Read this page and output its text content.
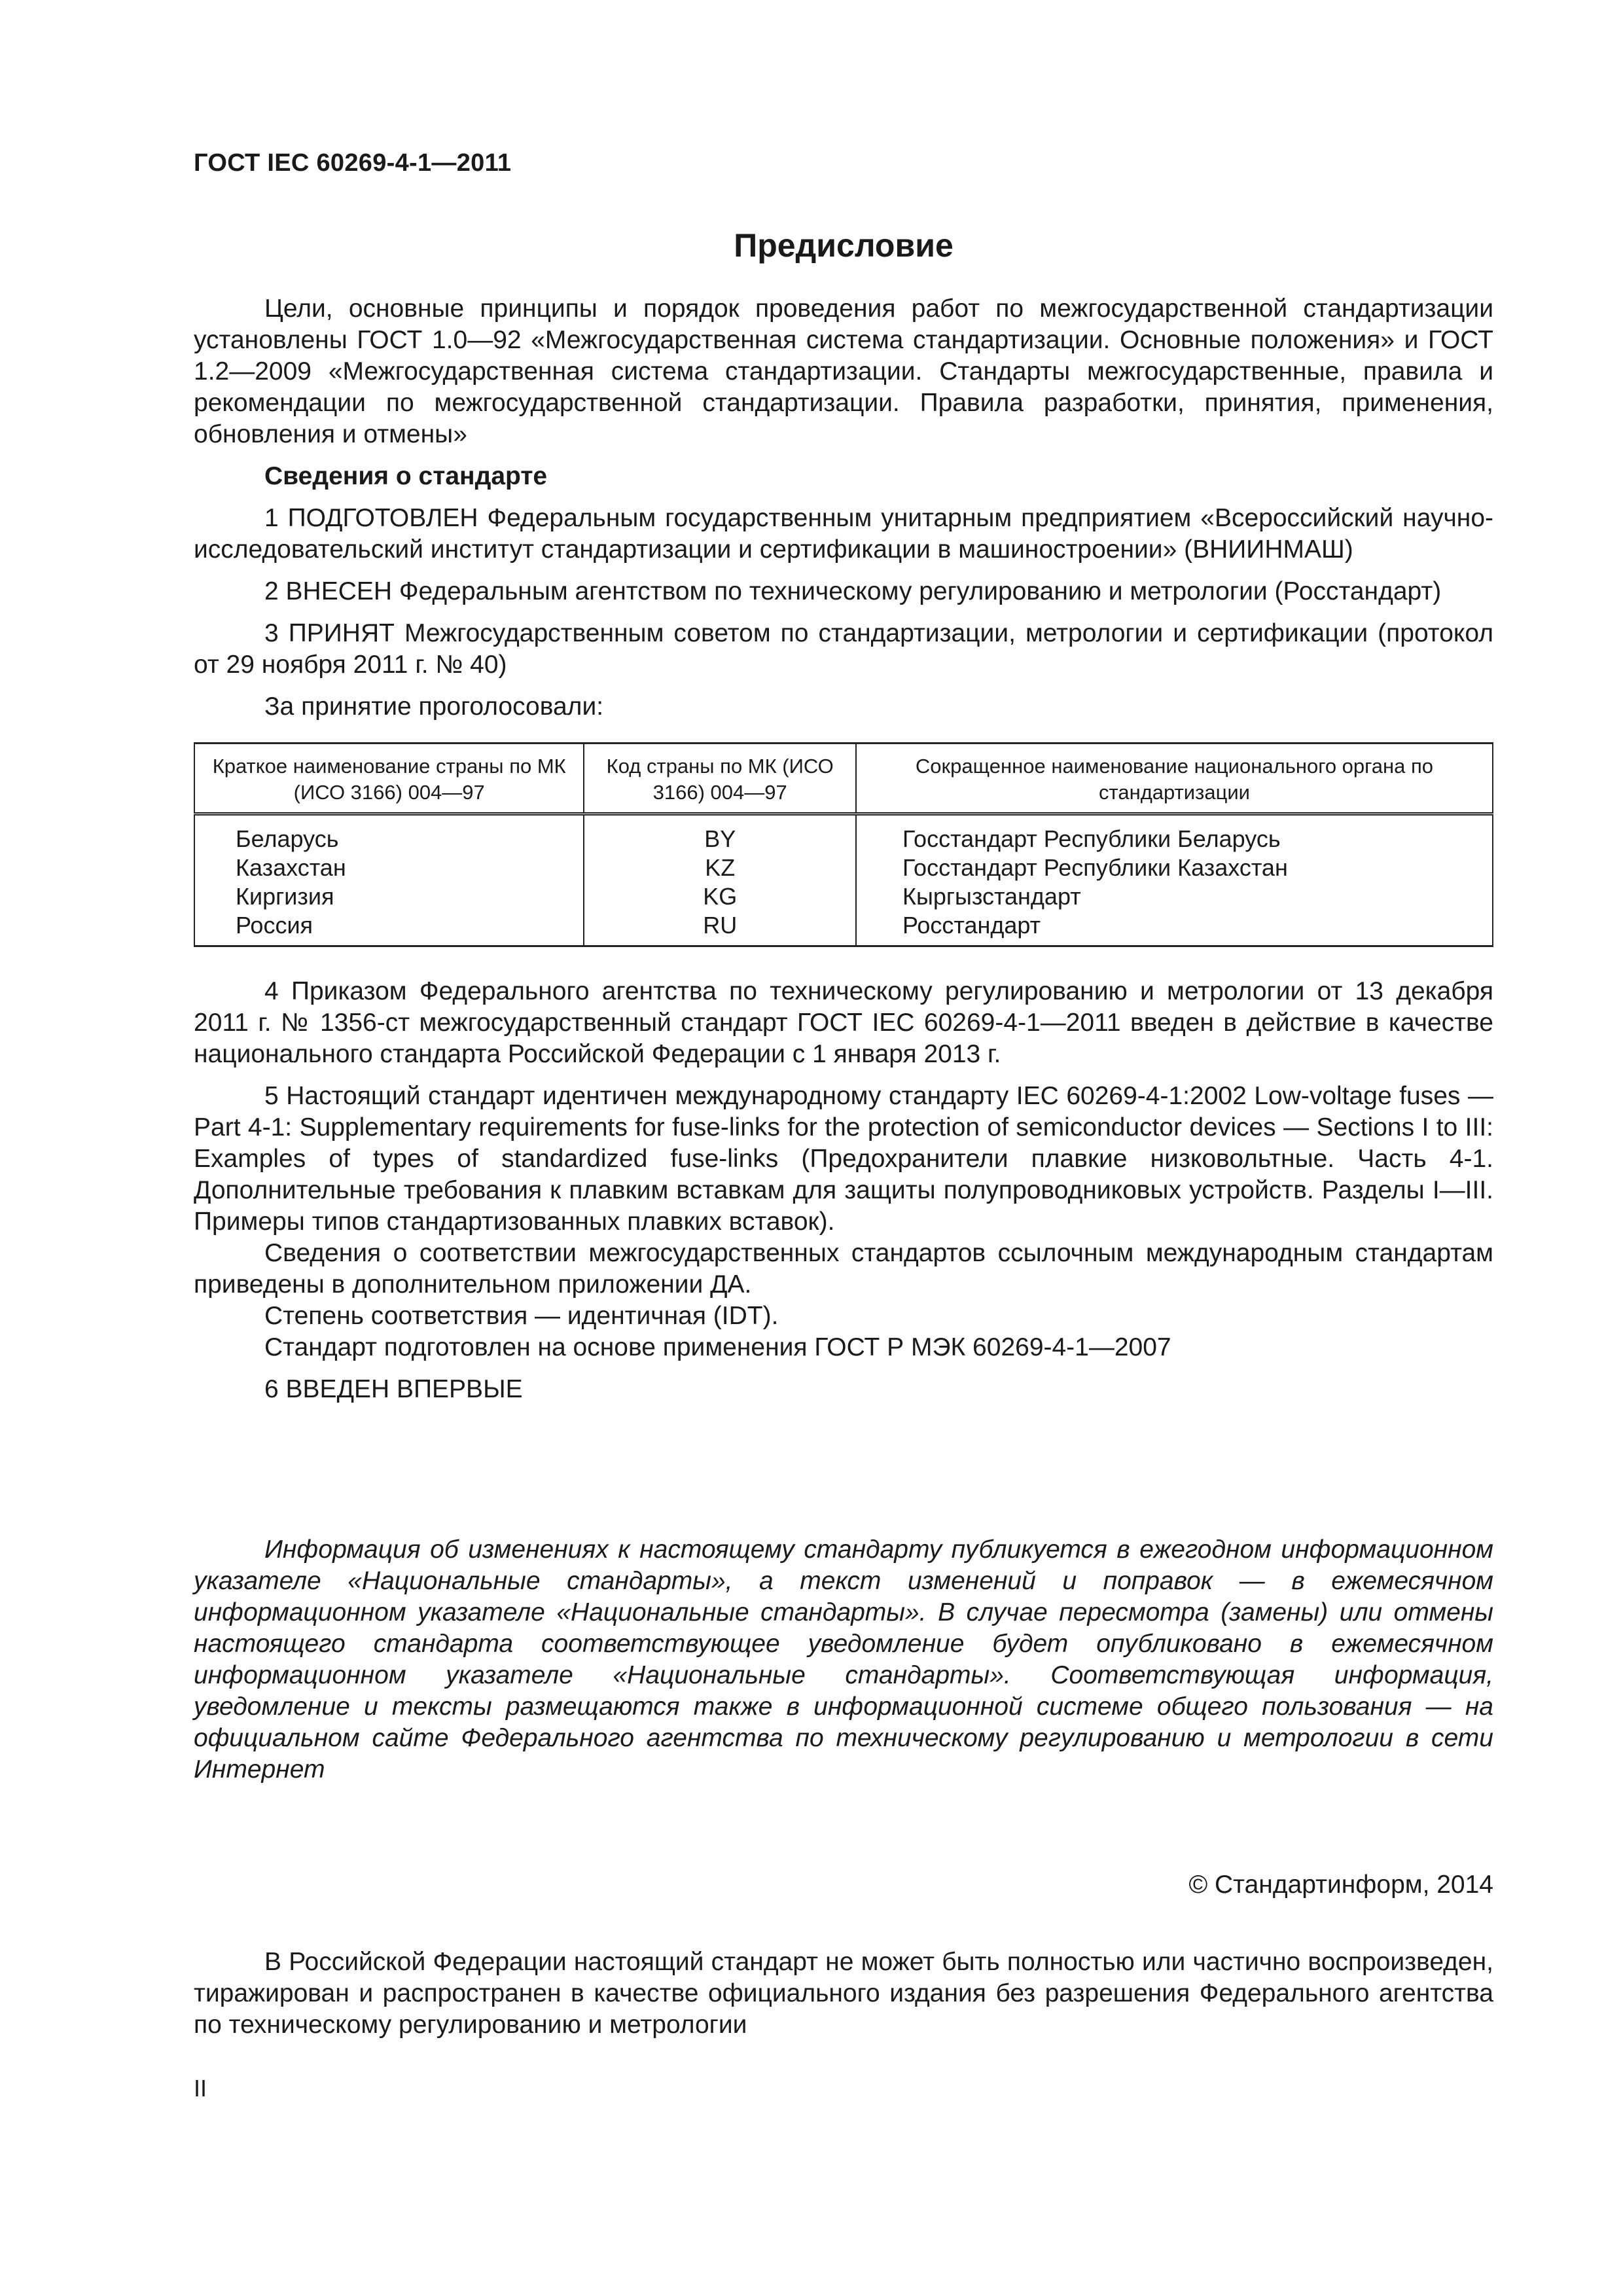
ГОСТ IEC 60269-4-1—2011
Предисловие

Цели, основные принципы и порядок проведения работ по межгосударственной стандартизации установлены ГОСТ 1.0—92 «Межгосударственная система стандартизации. Основные положения» и ГОСТ 1.2—2009 «Межгосударственная система стандартизации. Стандарты межгосударственные, правила и рекомендации по межгосударственной стандартизации. Правила разработки, принятия, применения, обновления и отмены»

Сведения о стандарте

1 ПОДГОТОВЛЕН Федеральным государственным унитарным предприятием «Всероссийский научно-исследовательский институт стандартизации и сертификации в машиностроении» (ВНИИНМАШ)

2 ВНЕСЕН Федеральным агентством по техническому регулированию и метрологии (Росстандарт)

3 ПРИНЯТ Межгосударственным советом по стандартизации, метрологии и сертификации (протокол от 29 ноября 2011 г. № 40)

За принятие проголосовали:

Краткое наименование страны по МК (ИСО 3166) 004—97	Код страны по МК (ИСО 3166) 004—97	Сокращенное наименование национального органа по стандартизации
Беларусь	BY	Госстандарт Республики Беларусь
Казахстан	KZ	Госстандарт Республики Казахстан
Киргизия	KG	Кыргызстандарт
Россия	RU	Росстандарт

4 Приказом Федерального агентства по техническому регулированию и метрологии от 13 декабря 2011 г. № 1356-ст межгосударственный стандарт ГОСТ IEC 60269-4-1—2011 введен в действие в качестве национального стандарта Российской Федерации с 1 января 2013 г.

5 Настоящий стандарт идентичен международному стандарту IEC 60269-4-1:2002 Low-voltage fuses — Part 4-1: Supplementary requirements for fuse-links for the protection of semiconductor devices — Sections I to III: Examples of types of standardized fuse-links (Предохранители плавкие низковольтные. Часть 4-1. Дополнительные требования к плавким вставкам для защиты полупроводниковых устройств. Разделы I—III. Примеры типов стандартизованных плавких вставок).

Сведения о соответствии межгосударственных стандартов ссылочным международным стандартам приведены в дополнительном приложении ДА.

Степень соответствия — идентичная (IDT).

Стандарт подготовлен на основе применения ГОСТ Р МЭК 60269-4-1—2007

6 ВВЕДЕН ВПЕРВЫЕ

Информация об изменениях к настоящему стандарту публикуется в ежегодном информационном указателе «Национальные стандарты», а текст изменений и поправок — в ежемесячном информационном указателе «Национальные стандарты». В случае пересмотра (замены) или отмены настоящего стандарта соответствующее уведомление будет опубликовано в ежемесячном информационном указателе «Национальные стандарты». Соответствующая информация, уведомление и тексты размещаются также в информационной системе общего пользования — на официальном сайте Федерального агентства по техническому регулированию и метрологии в сети Интернет

© Стандартинформ, 2014

В Российской Федерации настоящий стандарт не может быть полностью или частично воспроизведен, тиражирован и распространен в качестве официального издания без разрешения Федерального агентства по техническому регулированию и метрологии

II
